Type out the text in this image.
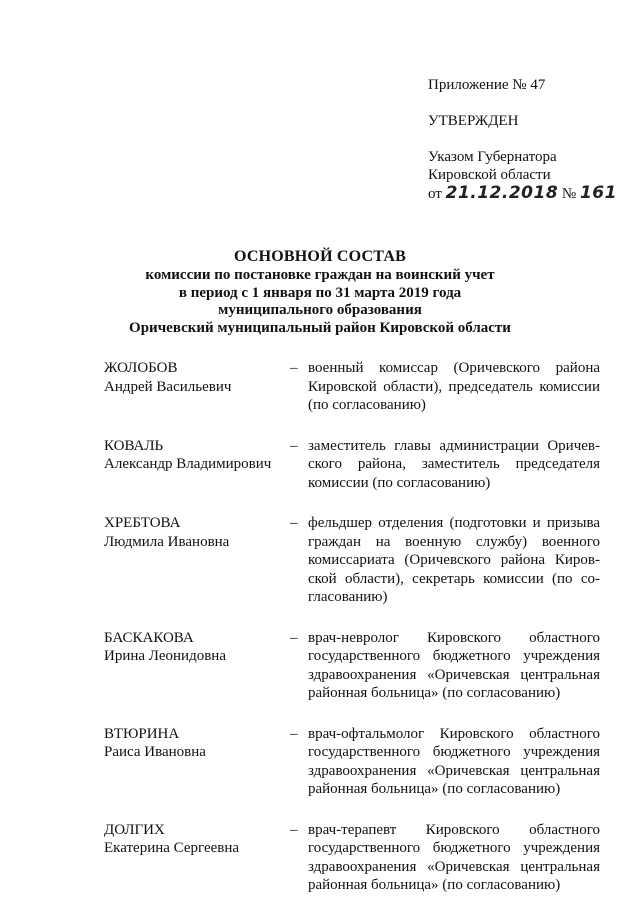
Приложение № 47
УТВЕРЖДЕН
Указом Губернатора
Кировской области
от 21.12.2018 № 161
ОСНОВНОЙ СОСТАВ
комиссии по постановке граждан на воинский учет
в период с 1 января по 31 марта 2019 года
муниципального образования
Оричевский муниципальный район Кировской области
ЖОЛОБОВ
Андрей Васильевич
– военный комиссар (Оричевского района Кировской области), председатель комиссии (по согласованию)
КОВАЛЬ
Александр Владимирович
– заместитель главы администрации Оричевского района, заместитель председателя комиссии (по согласованию)
ХРЕБТОВА
Людмила Ивановна
– фельдшер отделения (подготовки и призыва граждан на военную службу) военного комиссариата (Оричевского района Кировской области), секретарь комиссии (по согласованию)
БАСКАКОВА
Ирина Леонидовна
– врач-невролог Кировского областного государственного бюджетного учреждения здравоохранения «Оричевская центральная районная больница» (по согласованию)
ВТЮРИНА
Раиса Ивановна
– врач-офтальмолог Кировского областного государственного бюджетного учреждения здравоохранения «Оричевская центральная районная больница» (по согласованию)
ДОЛГИХ
Екатерина Сергеевна
– врач-терапевт Кировского областного государственного бюджетного учреждения здравоохранения «Оричевская центральная районная больница» (по согласованию)
